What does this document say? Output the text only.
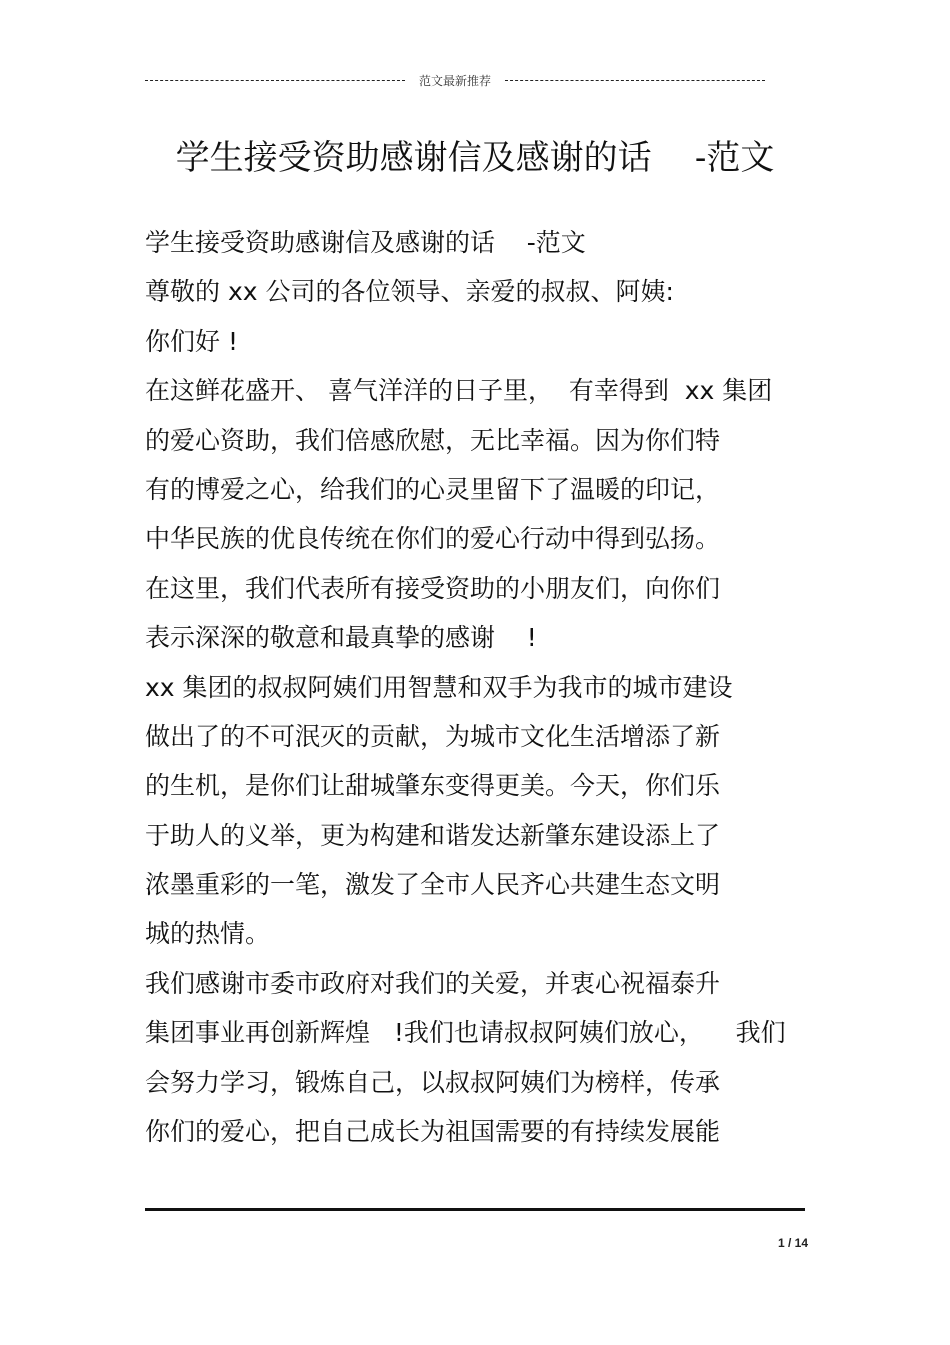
范文最新推荐
学生接受资助感谢信及感谢的话    -范文
学生接受资助感谢信及感谢的话    -范文
尊敬的 xx 公司的各位领导、亲爱的叔叔、阿姨:
你们好 !
在这鲜花盛开、 喜气洋洋的日子里，  有幸得到  xx 集团
的爱心资助，我们倍感欣慰，无比幸福。因为你们特
有的博爱之心，给我们的心灵里留下了温暖的印记，
中华民族的优良传统在你们的爱心行动中得到弘扬。
在这里，我们代表所有接受资助的小朋友们，向你们
表示深深的敬意和最真挚的感谢    !
xx 集团的叔叔阿姨们用智慧和双手为我市的城市建设
做出了的不可泯灭的贡献，为城市文化生活增添了新
的生机，是你们让甜城肇东变得更美。今天，你们乐
于助人的义举，更为构建和谐发达新肇东建设添上了
浓墨重彩的一笔，激发了全市人民齐心共建生态文明
城的热情。
我们感谢市委市政府对我们的关爱，并衷心祝福泰升
集团事业再创新辉煌   !我们也请叔叔阿姨们放心，    我们
会努力学习，锻炼自己，以叔叔阿姨们为榜样，传承
你们的爱心，把自己成长为祖国需要的有持续发展能
1 / 14
